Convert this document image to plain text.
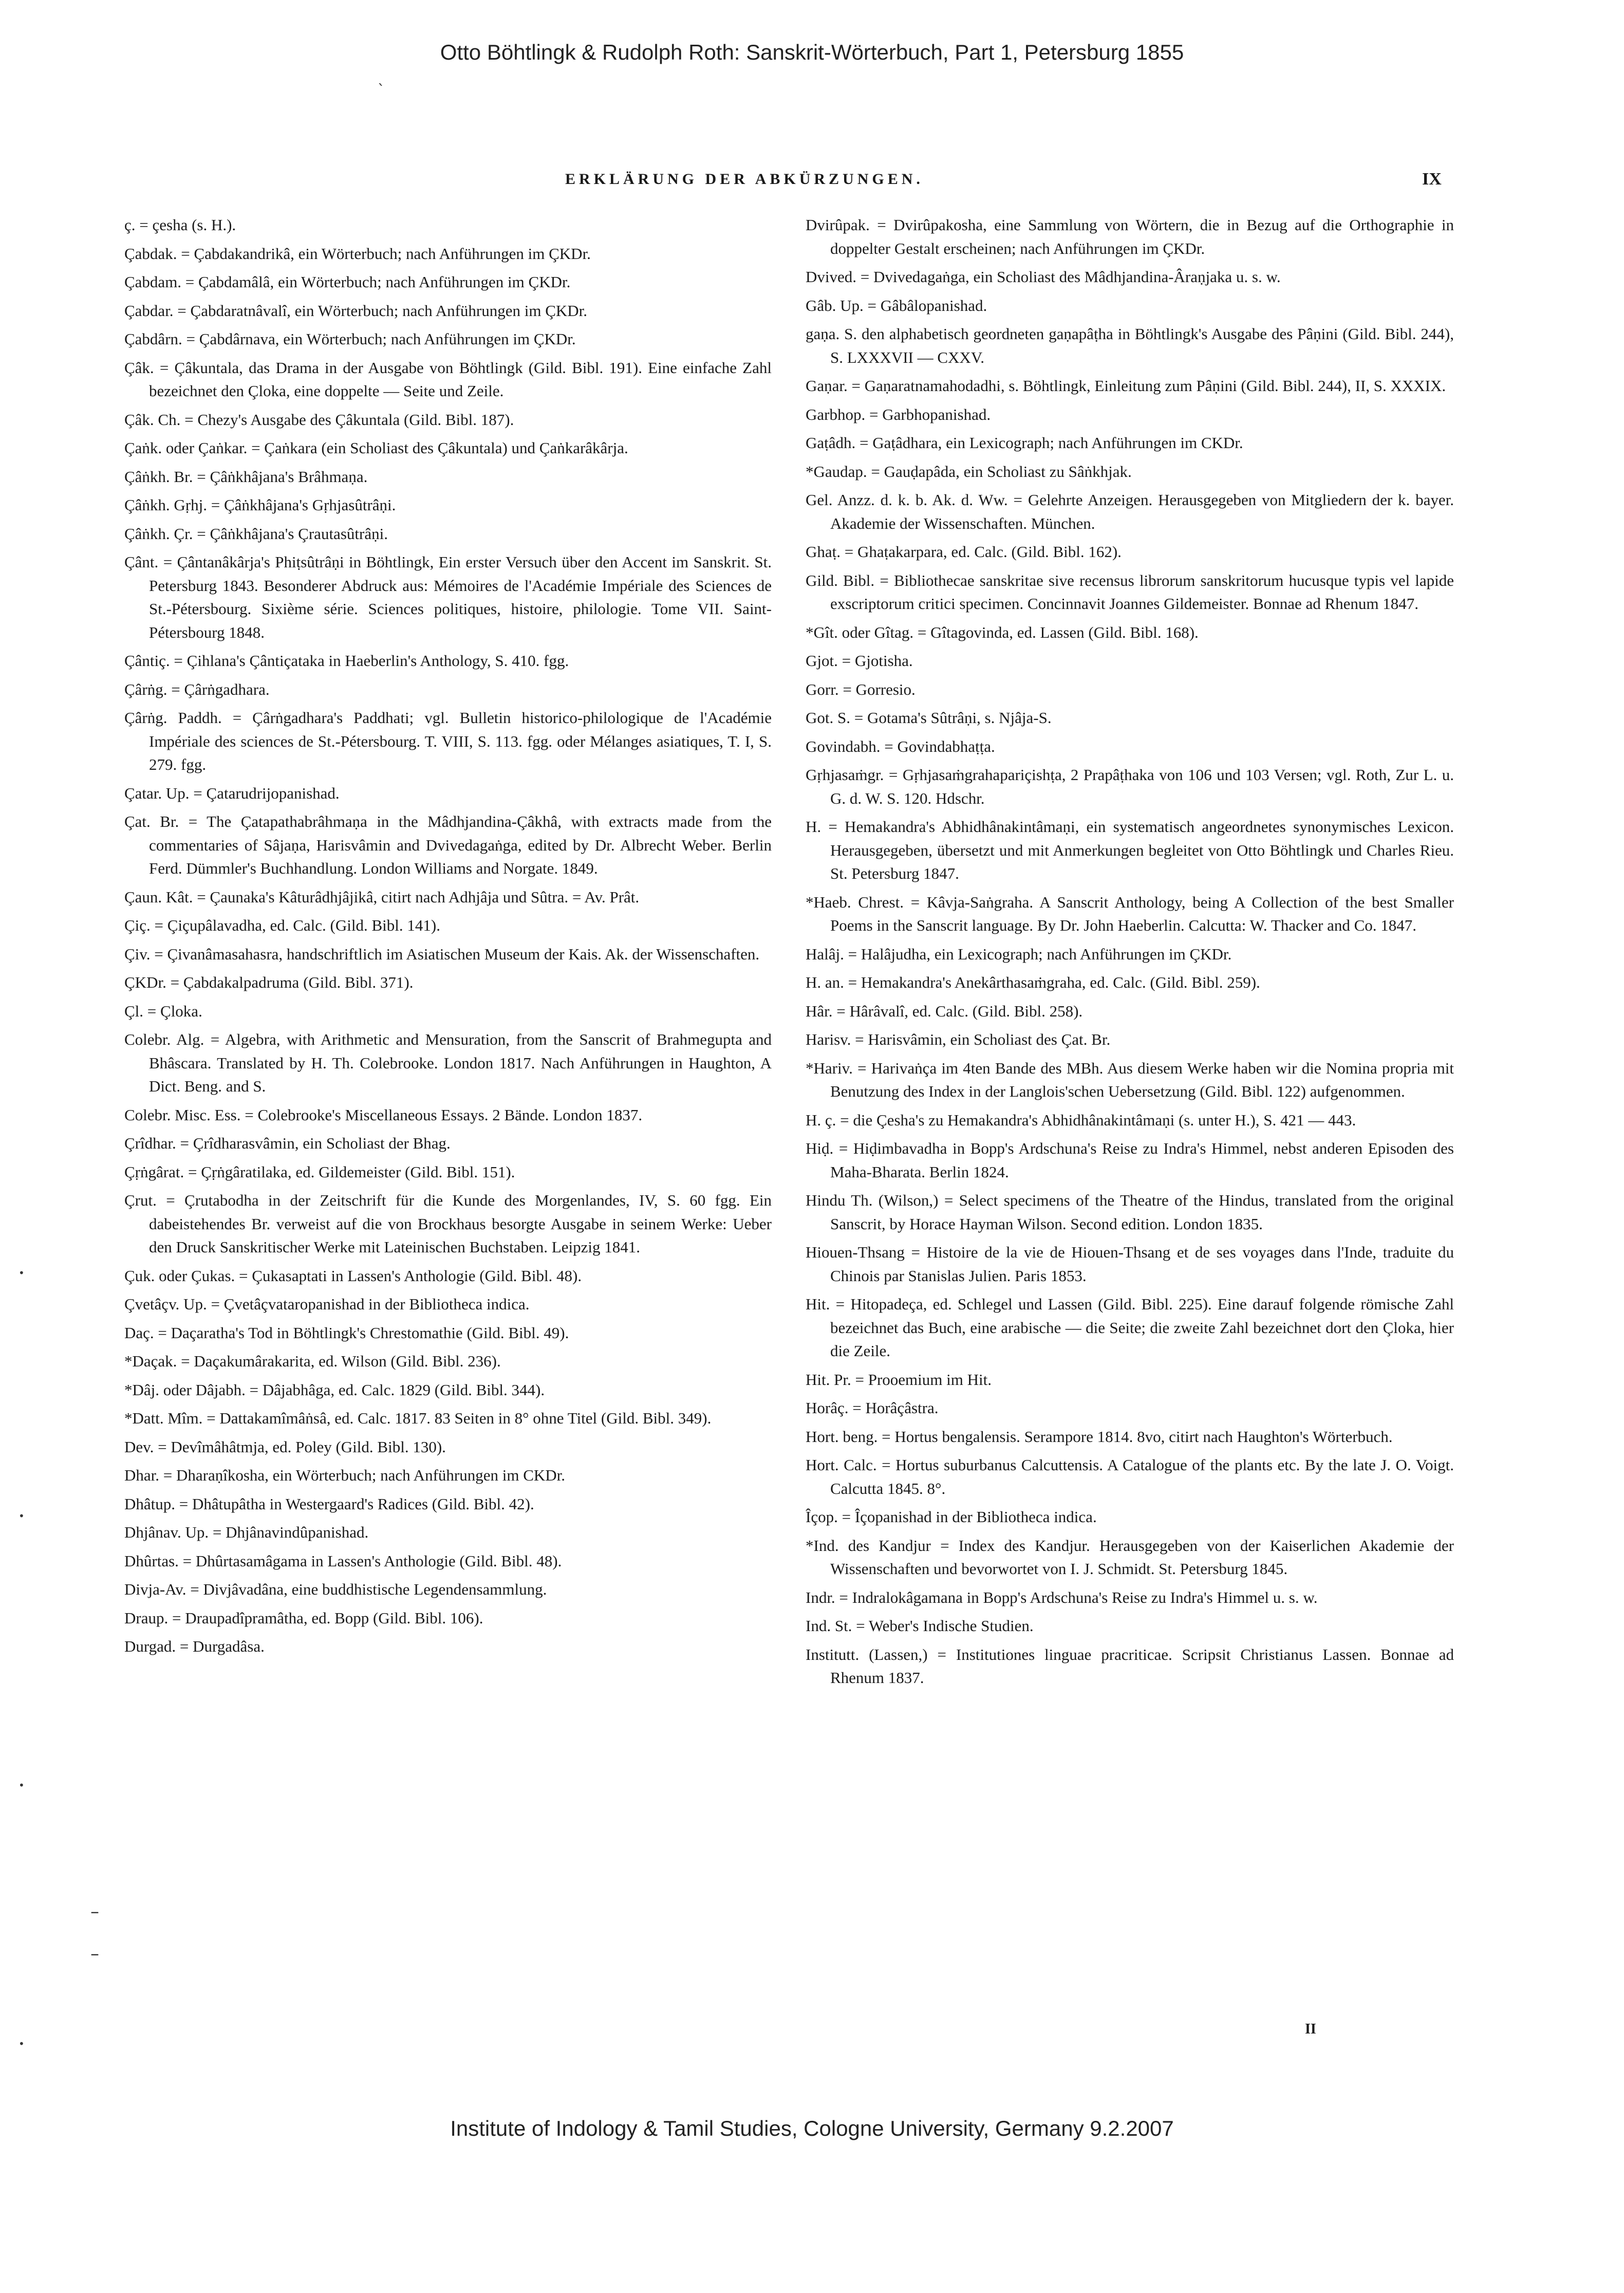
Otto Böhtlingk & Rudolph Roth: Sanskrit-Wörterbuch, Part 1, Petersburg 1855
ERKLÄRUNG DER ABKÜRZUNGEN.	IX

ç. = çesha (s. H.).

Çabdak. = Çabdakandrikâ, ein Wörterbuch; nach Anführungen im ÇKDr.

Çabdam. = Çabdamâlâ, ein Wörterbuch; nach Anführungen im ÇKDr.

Çabdar. = Çabdaratnâvalî, ein Wörterbuch; nach Anführungen im ÇKDr.

Çabdârn. = Çabdârnava, ein Wörterbuch; nach Anführungen im ÇKDr.

Çâk. = Çâkuntala, das Drama in der Ausgabe von Böhtlingk (Gild. Bibl. 191). Eine einfache Zahl bezeichnet den Çloka, eine doppelte — Seite und Zeile.

Çâk. Ch. = Chezy's Ausgabe des Çâkuntala (Gild. Bibl. 187).

Çaṅk. oder Çaṅkar. = Çaṅkara (ein Scholiast des Çâkuntala) und Çaṅkarâkârja.

Çâṅkh. Br. = Çâṅkhâjana's Brâhmaṇa.

Çâṅkh. Gṛhj. = Çâṅkhâjana's Gṛhjasûtrâṇi.

Çâṅkh. Çr. = Çâṅkhâjana's Çrautasûtrâṇi.

Çânt. = Çântanâkârja's Phiṭsûtrâṇi in Böhtlingk, Ein erster Versuch über den Accent im Sanskrit. St. Petersburg 1843. Besonderer Abdruck aus: Mémoires de l'Académie Impériale des Sciences de St.-Pétersbourg. Sixième série. Sciences politiques, histoire, philologie. Tome VII. Saint-Pétersbourg 1848.

Çântiç. = Çihlana's Çântiçataka in Haeberlin's Anthology, S. 410. fgg.

Çârṅg. = Çârṅgadhara.

Çârṅg. Paddh. = Çârṅgadhara's Paddhati; vgl. Bulletin historico-philologique de l'Académie Impériale des sciences de St.-Pétersbourg. T. VIII, S. 113. fgg. oder Mélanges asiatiques, T. I, S. 279. fgg.

Çatar. Up. = Çatarudrijopanishad.

Çat. Br. = The Çatapathabrâhmaṇa in the Mâdhjandina-Çâkhâ, with extracts made from the commentaries of Sâjaṇa, Harisvâmin and Dvivedagaṅga, edited by Dr. Albrecht Weber. Berlin Ferd. Dümmler's Buchhandlung. London Williams and Norgate. 1849.

Çaun. Kât. = Çaunaka's Kâturâdhjâjikâ, citirt nach Adhjâja und Sûtra. = Av. Prât.

Çiç. = Çiçupâlavadha, ed. Calc. (Gild. Bibl. 141).

Çiv. = Çivanâmasahasra, handschriftlich im Asiatischen Museum der Kais. Ak. der Wissenschaften.

ÇKDr. = Çabdakalpadruma (Gild. Bibl. 371).

Çl. = Çloka.

Colebr. Alg. = Algebra, with Arithmetic and Mensuration, from the Sanscrit of Brahmegupta and Bhâscara. Translated by H. Th. Colebrooke. London 1817. Nach Anführungen in Haughton, A Dict. Beng. and S.

Colebr. Misc. Ess. = Colebrooke's Miscellaneous Essays. 2 Bände. London 1837.

Çrîdhar. = Çrîdharasvâmin, ein Scholiast der Bhag.

Çṛṅgârat. = Çṛṅgâratilaka, ed. Gildemeister (Gild. Bibl. 151).

Çrut. = Çrutabodha in der Zeitschrift für die Kunde des Morgenlandes, IV, S. 60 fgg. Ein dabeistehendes Br. verweist auf die von Brockhaus besorgte Ausgabe in seinem Werke: Ueber den Druck Sanskritischer Werke mit Lateinischen Buchstaben. Leipzig 1841.

Çuk. oder Çukas. = Çukasaptati in Lassen's Anthologie (Gild. Bibl. 48).

Çvetâçv. Up. = Çvetâçvataropanishad in der Bibliotheca indica.

Daç. = Daçaratha's Tod in Böhtlingk's Chrestomathie (Gild. Bibl. 49).

*Daçak. = Daçakumârakarita, ed. Wilson (Gild. Bibl. 236).

*Dâj. oder Dâjabh. = Dâjabhâga, ed. Calc. 1829 (Gild. Bibl. 344).

*Datt. Mîm. = Dattakamîmâṅsâ, ed. Calc. 1817. 83 Seiten in 8° ohne Titel (Gild. Bibl. 349).

Dev. = Devîmâhâtmja, ed. Poley (Gild. Bibl. 130).

Dhar. = Dharaṇîkosha, ein Wörterbuch; nach Anführungen im CKDr.

Dhâtup. = Dhâtupâtha in Westergaard's Radices (Gild. Bibl. 42).

Dhjânav. Up. = Dhjânavindûpanishad.

Dhûrtas. = Dhûrtasamâgama in Lassen's Anthologie (Gild. Bibl. 48).

Divja-Av. = Divjâvadâna, eine buddhistische Legendensammlung.

Draup. = Draupadîpramâtha, ed. Bopp (Gild. Bibl. 106).

Durgad. = Durgadâsa.

Dvirûpak. = Dvirûpakosha, eine Sammlung von Wörtern, die in Bezug auf die Orthographie in doppelter Gestalt erscheinen; nach Anführungen im ÇKDr.

Dvived. = Dvivedagaṅga, ein Scholiast des Mâdhjandina-Âraṇjaka u. s. w.

Gâb. Up. = Gâbâlopanishad.

gaṇa. S. den alphabetisch geordneten gaṇapâṭha in Böhtlingk's Ausgabe des Pâṇini (Gild. Bibl. 244), S. LXXXVII — CXXV.

Gaṇar. = Gaṇaratnamahodadhi, s. Böhtlingk, Einleitung zum Pâṇini (Gild. Bibl. 244), II, S. XXXIX.

Garbhop. = Garbhopanishad.

Gaṭâdh. = Gaṭâdhara, ein Lexicograph; nach Anführungen im CKDr.

*Gaudap. = Gauḍapâda, ein Scholiast zu Sâṅkhjak.

Gel. Anzz. d. k. b. Ak. d. Ww. = Gelehrte Anzeigen. Herausgegeben von Mitgliedern der k. bayer. Akademie der Wissenschaften. München.

Ghaṭ. = Ghaṭakarpara, ed. Calc. (Gild. Bibl. 162).

Gild. Bibl. = Bibliothecae sanskritae sive recensus librorum sanskritorum hucusque typis vel lapide exscriptorum critici specimen. Concinnavit Joannes Gildemeister. Bonnae ad Rhenum 1847.

*Gît. oder Gîtag. = Gîtagovinda, ed. Lassen (Gild. Bibl. 168).

Gjot. = Gjotisha.

Gorr. = Gorresio.

Got. S. = Gotama's Sûtrâṇi, s. Njâja-S.

Govindabh. = Govindabhaṭṭa.

Gṛhjasaṁgr. = Gṛhjasaṁgrahapariçishṭa, 2 Prapâṭhaka von 106 und 103 Versen; vgl. Roth, Zur L. u. G. d. W. S. 120. Hdschr.

H. = Hemakandra's Abhidhânakintâmaṇi, ein systematisch angeordnetes synonymisches Lexicon. Herausgegeben, übersetzt und mit Anmerkungen begleitet von Otto Böhtlingk und Charles Rieu. St. Petersburg 1847.

*Haeb. Chrest. = Kâvja-Saṅgraha. A Sanscrit Anthology, being A Collection of the best Smaller Poems in the Sanscrit language. By Dr. John Haeberlin. Calcutta: W. Thacker and Co. 1847.

Halâj. = Halâjudha, ein Lexicograph; nach Anführungen im ÇKDr.

H. an. = Hemakandra's Anekârthasaṁgraha, ed. Calc. (Gild. Bibl. 259).

Hâr. = Hârâvalî, ed. Calc. (Gild. Bibl. 258).

Harisv. = Harisvâmin, ein Scholiast des Çat. Br.

*Hariv. = Harivaṅça im 4ten Bande des MBh. Aus diesem Werke haben wir die Nomina propria mit Benutzung des Index in der Langlois'schen Uebersetzung (Gild. Bibl. 122) aufgenommen.

H. ç. = die Çesha's zu Hemakandra's Abhidhânakintâmaṇi (s. unter H.), S. 421 — 443.

Hiḍ. = Hiḍimbavadha in Bopp's Ardschuna's Reise zu Indra's Himmel, nebst anderen Episoden des Maha-Bharata. Berlin 1824.

Hindu Th. (Wilson,) = Select specimens of the Theatre of the Hindus, translated from the original Sanscrit, by Horace Hayman Wilson. Second edition. London 1835.

Hiouen-Thsang = Histoire de la vie de Hiouen-Thsang et de ses voyages dans l'Inde, traduite du Chinois par Stanislas Julien. Paris 1853.

Hit. = Hitopadeça, ed. Schlegel und Lassen (Gild. Bibl. 225). Eine darauf folgende römische Zahl bezeichnet das Buch, eine arabische — die Seite; die zweite Zahl bezeichnet dort den Çloka, hier die Zeile.

Hit. Pr. = Prooemium im Hit.

Horâç. = Horâçâstra.

Hort. beng. = Hortus bengalensis. Serampore 1814. 8vo, citirt nach Haughton's Wörterbuch.

Hort. Calc. = Hortus suburbanus Calcuttensis. A Catalogue of the plants etc. By the late J. O. Voigt. Calcutta 1845. 8°.

Îçop. = Îçopanishad in der Bibliotheca indica.

*Ind. des Kandjur = Index des Kandjur. Herausgegeben von der Kaiserlichen Akademie der Wissenschaften und bevorwortet von I. J. Schmidt. St. Petersburg 1845.

Indr. = Indralokâgamana in Bopp's Ardschuna's Reise zu Indra's Himmel u. s. w.

Ind. St. = Weber's Indische Studien.

Institutt. (Lassen,) = Institutiones linguae pracriticae. Scripsit Christianus Lassen. Bonnae ad Rhenum 1837.

II
ˋ
–
–
•
•
•
•
Institute of Indology & Tamil Studies, Cologne University, Germany 9.2.2007
